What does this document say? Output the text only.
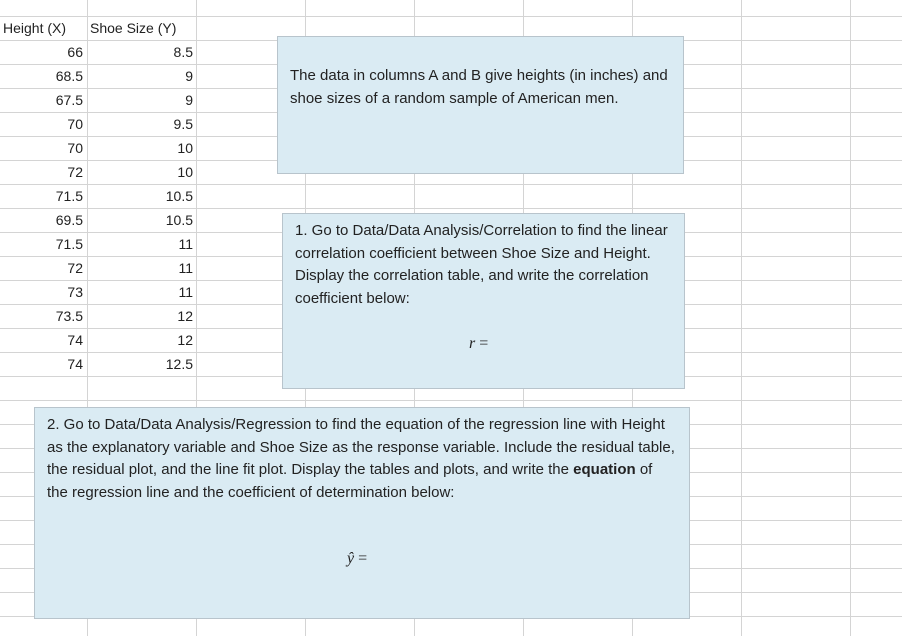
Height (X) Shoe Size (Y)
66	8.5
68.5	9
67.5	9
70	9.5
70	10
72	10
71.5	10.5
69.5	10.5
71.5	11
72	11
73	11
73.5	12
74	12
74	12.5

The data in columns A and B give heights (in inches) and shoe sizes of a random sample of American men.

1. Go to Data/Data Analysis/Correlation to find the linear correlation coefficient between Shoe Size and Height. Display the correlation table, and write the correlation coefficient below:

r =

2. Go to Data/Data Analysis/Regression to find the equation of the regression line with Height as the explanatory variable and Shoe Size as the response variable. Include the residual table, the residual plot, and the line fit plot. Display the tables and plots, and write the equation of the regression line and the coefficient of determination below:

ŷ =
